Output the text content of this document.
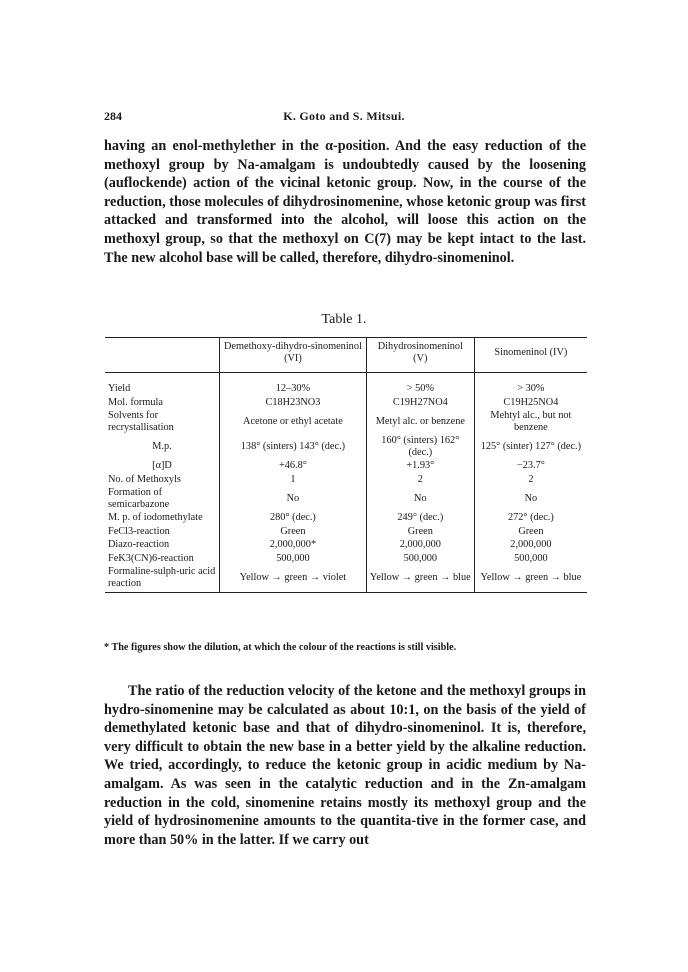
284	K. Goto and S. Mitsui.

having an enol-methylether in the α-position. And the easy reduction of the methoxyl group by Na-amalgam is undoubtedly caused by the loosening (auflockende) action of the vicinal ketonic group. Now, in the course of the reduction, those molecules of dihydrosinomenine, whose ketonic group was first attacked and transformed into the alcohol, will loose this action on the methoxyl group, so that the methoxyl on C(7) may be kept intact to the last. The new alcohol base will be called, therefore, dihydro-sinomeninol.

Table 1.
	Demethoxy-dihydro-sinomeninol (VI)	Dihydrosinomeninol (V)	Sinomeninol (IV)
Yield	12–30%	> 50%	> 30%
Mol. formula	C18H23NO3	C19H27NO4	C19H25NO4
Solvents for recrystallisation	Acetone or ethyl acetate	Metyl alc. or benzene	Mehtyl alc., but not benzene
M.p.	138° (sinters) 143° (dec.)	160° (sinters) 162° (dec.)	125° (sinter) 127° (dec.)
[α]D	+46.8°	+1.93°	−23.7°
No. of Methoxyls	1	2	2
Formation of semicarbazone	No	No	No
M. p. of iodomethylate	280° (dec.)	249° (dec.)	272° (dec.)
FeCl3-reaction	Green	Green	Green
Diazo-reaction	2,000,000*	2,000,000	2,000,000
FeK3(CN)6-reaction	500,000	500,000	500,000
Formaline-sulph-uric acid reaction	Yellow → green → violet	Yellow → green → blue	Yellow → green → blue
* The figures show the dilution, at which the colour of the reactions is still visible.

The ratio of the reduction velocity of the ketone and the methoxyl groups in hydro-sinomenine may be calculated as about 10:1, on the basis of the yield of demethylated ketonic base and that of dihydro-sinomeninol. It is, therefore, very difficult to obtain the new base in a better yield by the alkaline reduction. We tried, accordingly, to reduce the ketonic group in acidic medium by Na-amalgam. As was seen in the catalytic reduction and in the Zn-amalgam reduction in the cold, sinomenine retains mostly its methoxyl group and the yield of hydrosinomenine amounts to the quantita-tive in the former case, and more than 50% in the latter. If we carry out
